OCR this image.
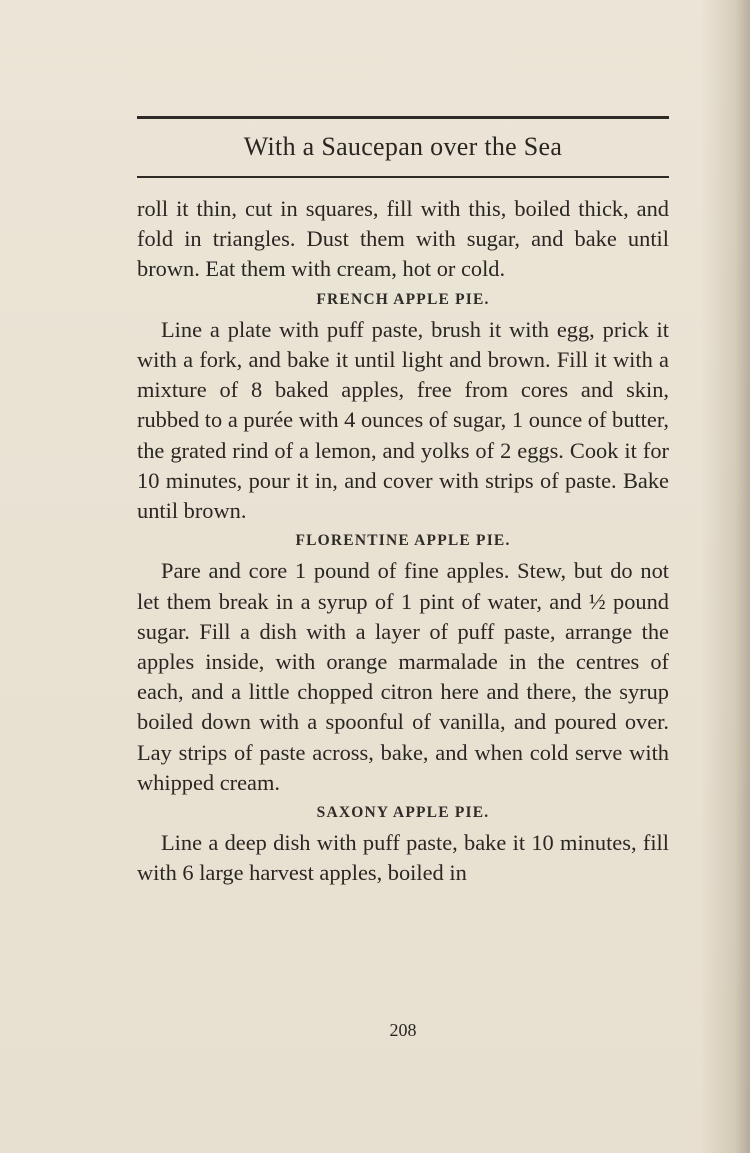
With a Saucepan over the Sea

roll it thin, cut in squares, fill with this, boiled thick, and fold in triangles. Dust them with sugar, and bake until brown. Eat them with cream, hot or cold.

FRENCH APPLE PIE.

Line a plate with puff paste, brush it with egg, prick it with a fork, and bake it until light and brown. Fill it with a mixture of 8 baked apples, free from cores and skin, rubbed to a purée with 4 ounces of sugar, 1 ounce of butter, the grated rind of a lemon, and yolks of 2 eggs. Cook it for 10 minutes, pour it in, and cover with strips of paste. Bake until brown.

FLORENTINE APPLE PIE.

Pare and core 1 pound of fine apples. Stew, but do not let them break in a syrup of 1 pint of water, and ½ pound sugar. Fill a dish with a layer of puff paste, arrange the apples inside, with orange marmalade in the centres of each, and a little chopped citron here and there, the syrup boiled down with a spoonful of vanilla, and poured over. Lay strips of paste across, bake, and when cold serve with whipped cream.

SAXONY APPLE PIE.

Line a deep dish with puff paste, bake it 10 minutes, fill with 6 large harvest apples, boiled in

208
